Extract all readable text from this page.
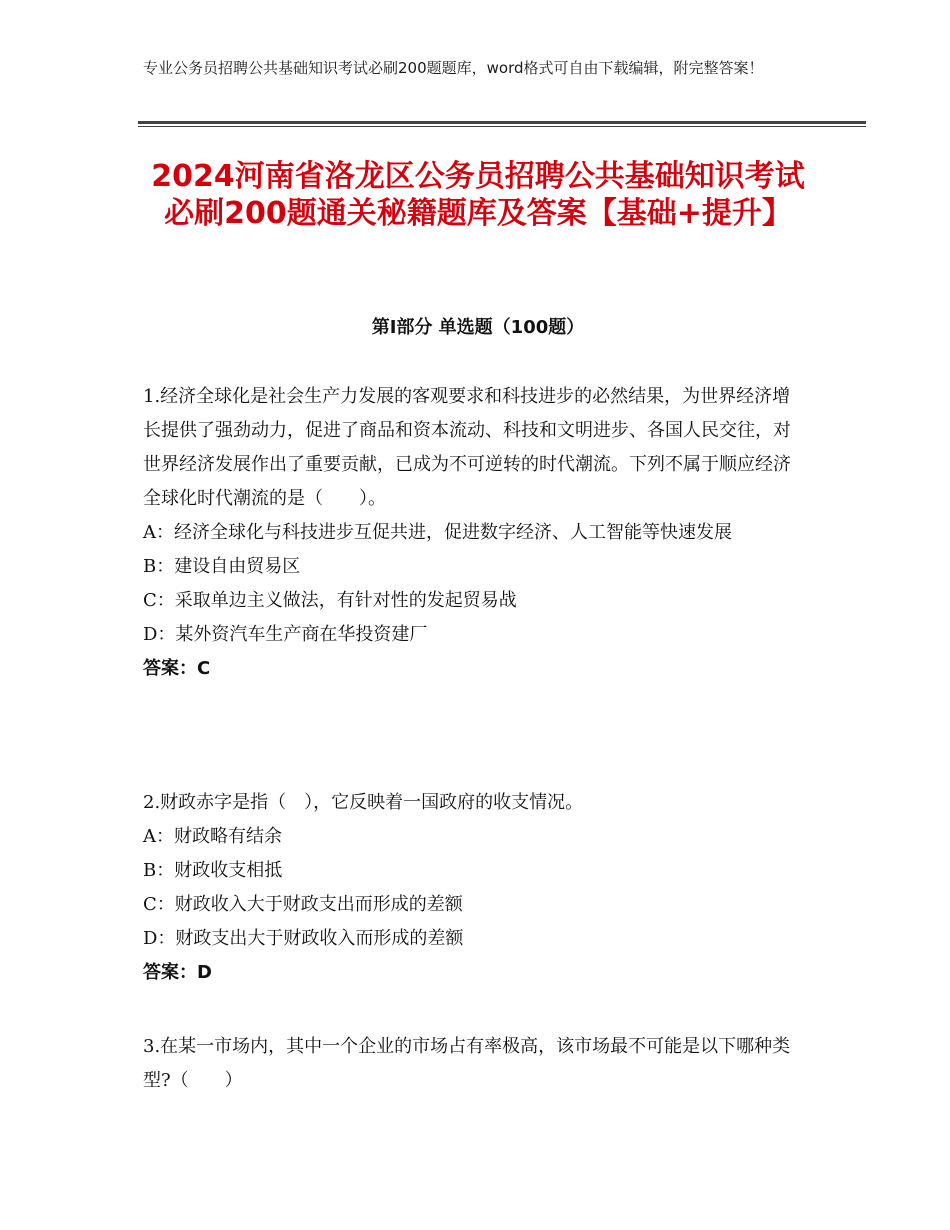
专业公务员招聘公共基础知识考试必刷200题题库，word格式可自由下载编辑，附完整答案！
2024河南省洛龙区公务员招聘公共基础知识考试必刷200题通关秘籍题库及答案【基础+提升】
第Ⅰ部分 单选题（100题）

1.经济全球化是社会生产力发展的客观要求和科技进步的必然结果，为世界经济增长提供了强劲动力，促进了商品和资本流动、科技和文明进步、各国人民交往，对世界经济发展作出了重要贡献，已成为不可逆转的时代潮流。下列不属于顺应经济全球化时代潮流的是（　　）。

A：经济全球化与科技进步互促共进，促进数字经济、人工智能等快速发展

B：建设自由贸易区

C：采取单边主义做法，有针对性的发起贸易战

D：某外资汽车生产商在华投资建厂

答案：C

2.财政赤字是指（　），它反映着一国政府的收支情况。

A：财政略有结余

B：财政收支相抵

C：财政收入大于财政支出而形成的差额

D：财政支出大于财政收入而形成的差额

答案：D

3.在某一市场内，其中一个企业的市场占有率极高，该市场最不可能是以下哪种类型?（　　）
